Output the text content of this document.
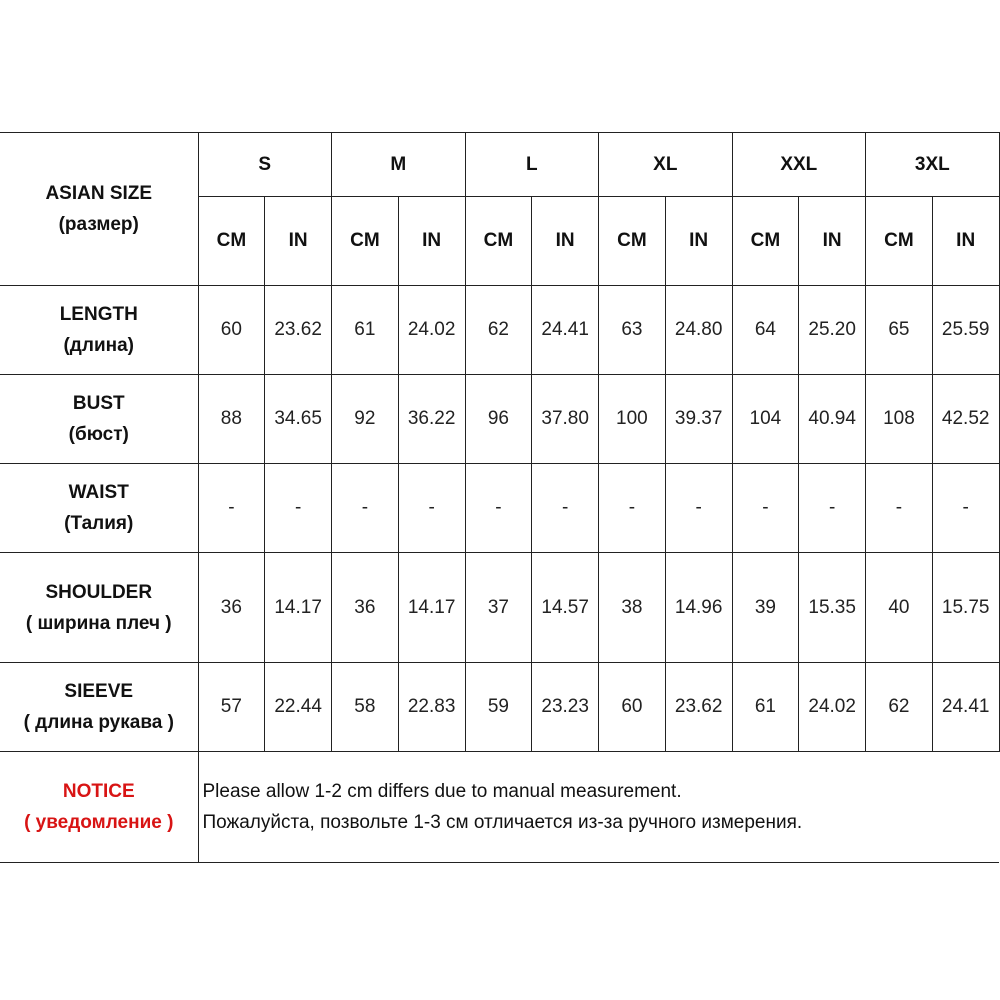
ASIAN SIZE
(размер)	S		M		L		XL		XXL		3XL	
	CM	IN	CM	IN	CM	IN	CM	IN	CM	IN	CM	IN

LENGTH
(длина)	60	23.62	61	24.02	62	24.41	63	24.80	64	25.20	65	25.59

BUST
(бюст)	88	34.65	92	36.22	96	37.80	100	39.37	104	40.94	108	42.52

WAIST
(Талия)	-	-	-	-	-	-	-	-	-	-	-	-

SHOULDER
( ширина плеч )	36	14.17	36	14.17	37	14.57	38	14.96	39	15.35	40	15.75

SIEEVE
( длина рукава )	57	22.44	58	22.83	59	23.23	60	23.62	61	24.02	62	24.41

NOTICE
( уведомление )	Please allow 1-2 cm differs due to manual measurement.
Пожалуйста, позвольте 1-3 см отличается из-за ручного измерения.											
